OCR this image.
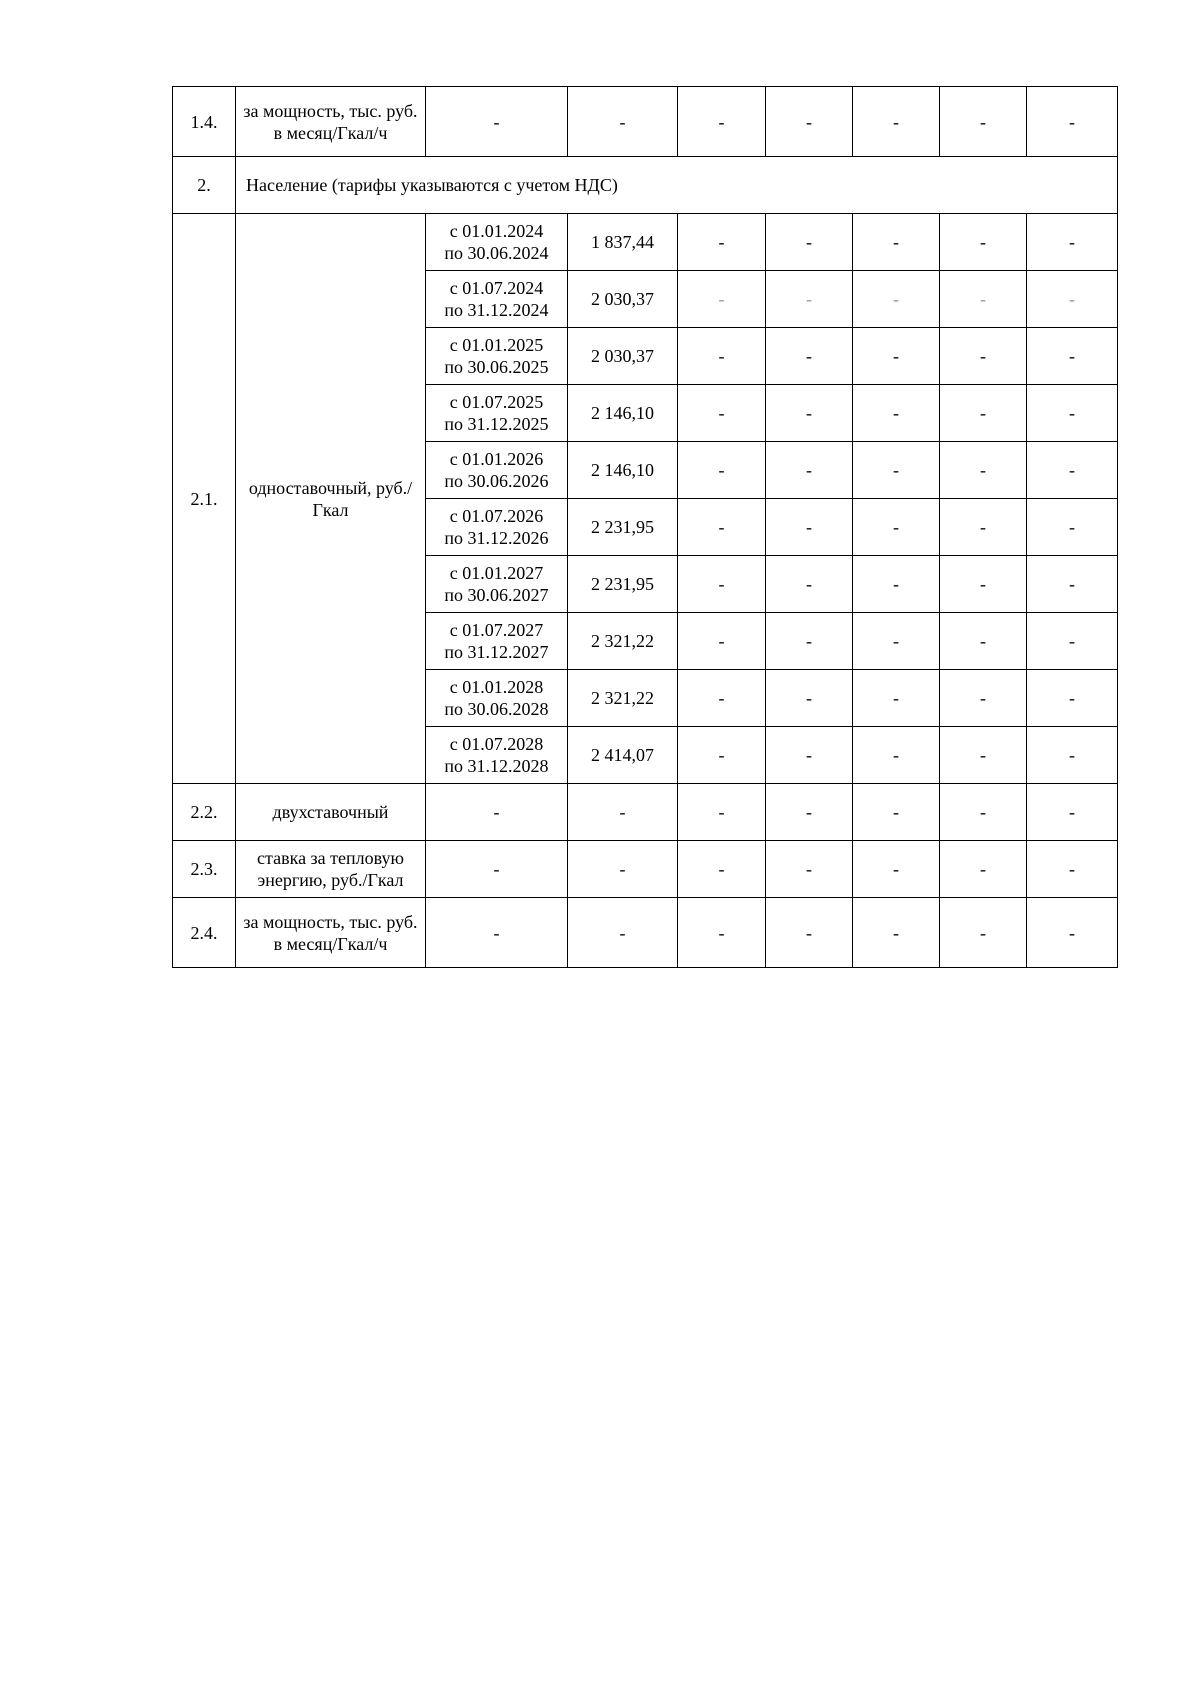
1.4.	за мощность, тыс. руб. в месяц/Гкал/ч	-	-	-	-	-	-	-
2.	Население (тарифы указываются с учетом НДС)							
2.1.	одноставочный, руб./Гкал	с 01.01.2024
по 30.06.2024	1 837,44	-	-	-	-	-

		с 01.07.2024
по 31.12.2024	2 030,37	-	-	-	-	-

		с 01.01.2025
по 30.06.2025	2 030,37	-	-	-	-	-

		с 01.07.2025
по 31.12.2025	2 146,10	-	-	-	-	-

		с 01.01.2026
по 30.06.2026	2 146,10	-	-	-	-	-

		с 01.07.2026
по 31.12.2026	2 231,95	-	-	-	-	-

		с 01.01.2027
по 30.06.2027	2 231,95	-	-	-	-	-

		с 01.07.2027
по 31.12.2027	2 321,22	-	-	-	-	-

		с 01.01.2028
по 30.06.2028	2 321,22	-	-	-	-	-

		с 01.07.2028
по 31.12.2028	2 414,07	-	-	-	-	-
2.2.	двухставочный	-	-	-	-	-	-	-
2.3.	ставка за тепловую энергию, руб./Гкал	-	-	-	-	-	-	-
2.4.	за мощность, тыс. руб. в месяц/Гкал/ч	-	-	-	-	-	-	-
